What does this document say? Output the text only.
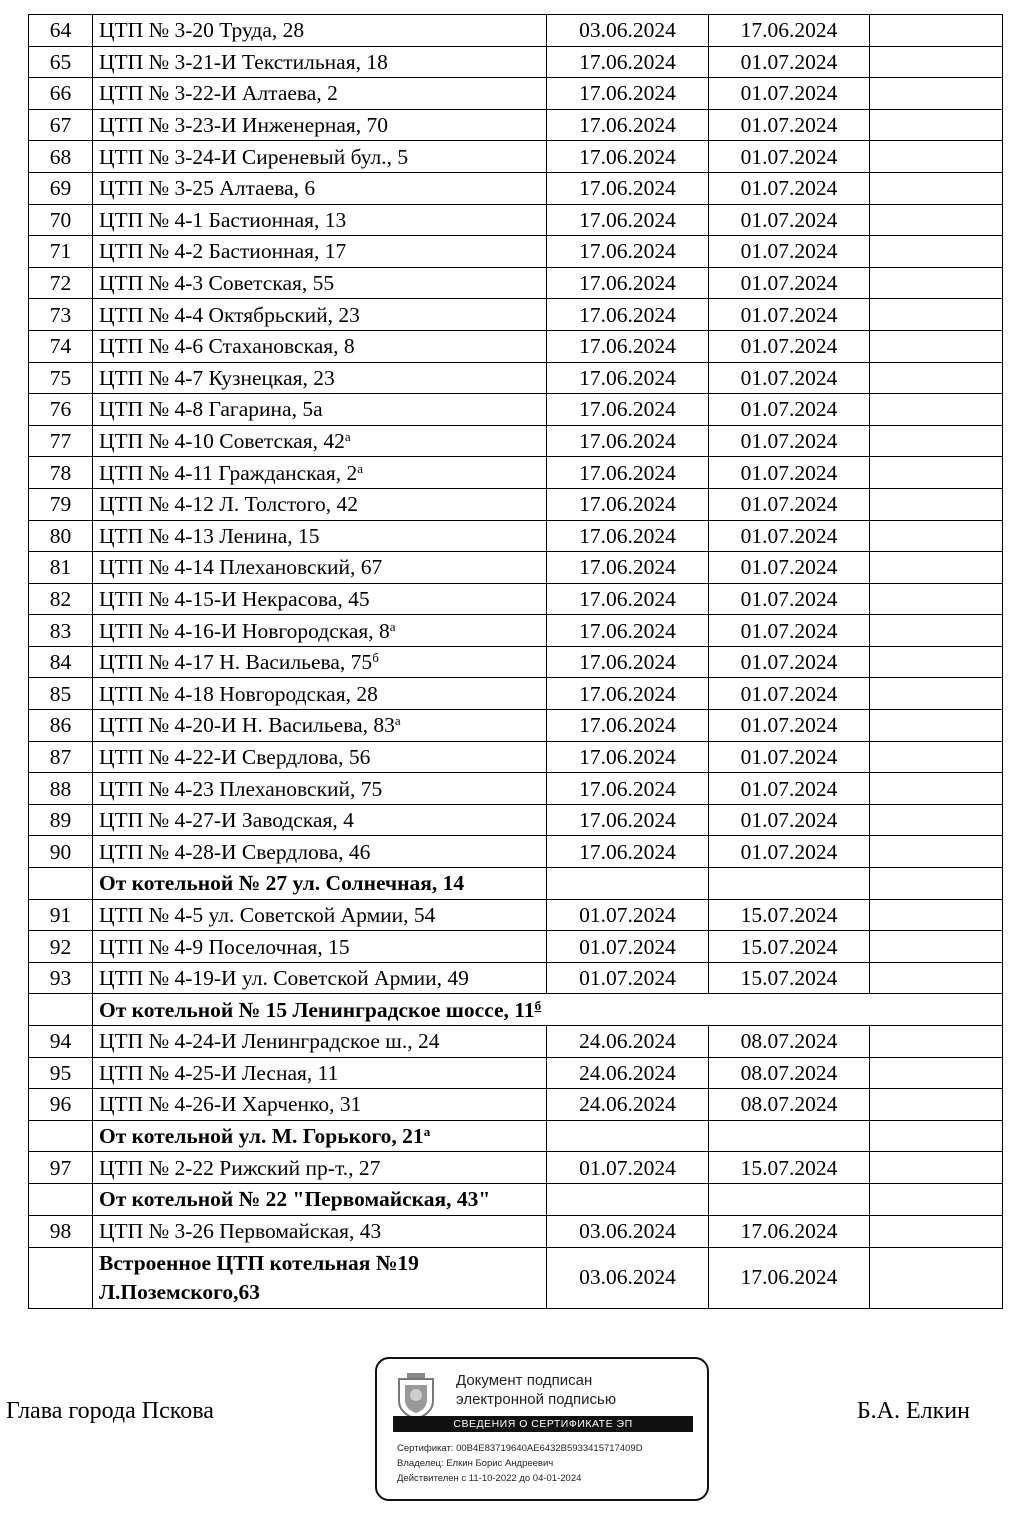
64	ЦТП № 3-20 Труда, 28	03.06.2024	17.06.2024	
65	ЦТП № 3-21-И Текстильная, 18	17.06.2024	01.07.2024	
66	ЦТП № 3-22-И Алтаева, 2	17.06.2024	01.07.2024	
67	ЦТП № 3-23-И Инженерная, 70	17.06.2024	01.07.2024	
68	ЦТП № 3-24-И Сиреневый бул., 5	17.06.2024	01.07.2024	
69	ЦТП № 3-25 Алтаева, 6	17.06.2024	01.07.2024	
70	ЦТП № 4-1 Бастионная, 13	17.06.2024	01.07.2024	
71	ЦТП № 4-2 Бастионная, 17	17.06.2024	01.07.2024	
72	ЦТП № 4-3 Советская, 55	17.06.2024	01.07.2024	
73	ЦТП № 4-4 Октябрьский, 23	17.06.2024	01.07.2024	
74	ЦТП № 4-6 Стахановская, 8	17.06.2024	01.07.2024	
75	ЦТП № 4-7 Кузнецкая, 23	17.06.2024	01.07.2024	
76	ЦТП № 4-8 Гагарина, 5а	17.06.2024	01.07.2024	
77	ЦТП № 4-10 Советская, $42^а$	17.06.2024	01.07.2024	
78	ЦТП № 4-11 Гражданская, $2^а$	17.06.2024	01.07.2024	
79	ЦТП № 4-12 Л. Толстого, 42	17.06.2024	01.07.2024	
80	ЦТП № 4-13 Ленина, 15	17.06.2024	01.07.2024	
81	ЦТП № 4-14 Плехановский, 67	17.06.2024	01.07.2024	
82	ЦТП № 4-15-И Некрасова, 45	17.06.2024	01.07.2024	
83	ЦТП № 4-16-И Новгородская, $8^а$	17.06.2024	01.07.2024	
84	ЦТП № 4-17 Н. Васильева, $75^б$	17.06.2024	01.07.2024	
85	ЦТП № 4-18 Новгородская, 28	17.06.2024	01.07.2024	
86	ЦТП № 4-20-И Н. Васильева, $83^а$	17.06.2024	01.07.2024	
87	ЦТП № 4-22-И Свердлова, 56	17.06.2024	01.07.2024	
88	ЦТП № 4-23 Плехановский, 75	17.06.2024	01.07.2024	
89	ЦТП № 4-27-И Заводская, 4	17.06.2024	01.07.2024	
90	ЦТП № 4-28-И Свердлова, 46	17.06.2024	01.07.2024	
	От котельной № 27 ул. Солнечная, 14			
91	ЦТП № 4-5 ул. Советской Армии, 54	01.07.2024	15.07.2024	
92	ЦТП № 4-9 Поселочная, 15	01.07.2024	15.07.2024	
93	ЦТП № 4-19-И ул. Советской Армии, 49	01.07.2024	15.07.2024	
	От котельной № 15 Ленинградское шоссе, $11^б$
94	ЦТП № 4-24-И Ленинградское ш., 24	24.06.2024	08.07.2024	
95	ЦТП № 4-25-И Лесная, 11	24.06.2024	08.07.2024	
96	ЦТП № 4-26-И Харченко, 31	24.06.2024	08.07.2024	
	От котельной ул. М. Горького, $21^а$			
97	ЦТП № 2-22 Рижский пр-т., 27	01.07.2024	15.07.2024	
	От котельной № 22 "Первомайская, 43"			
98	ЦТП № 3-26 Первомайская, 43	03.06.2024	17.06.2024	
	Встроенное ЦТП котельная №19 Л.Поземского,63	03.06.2024	17.06.2024	
Глава города Пскова	Б.А. Елкин
Документ подписан
электронной подписью
СВЕДЕНИЯ О СЕРТИФИКАТЕ ЭП
Сертификат: 00B4E83719640AE6432B5933415717409D
Владелец: Елкин Борис Андреевич
Действителен с 11-10-2022 до 04-01-2024
